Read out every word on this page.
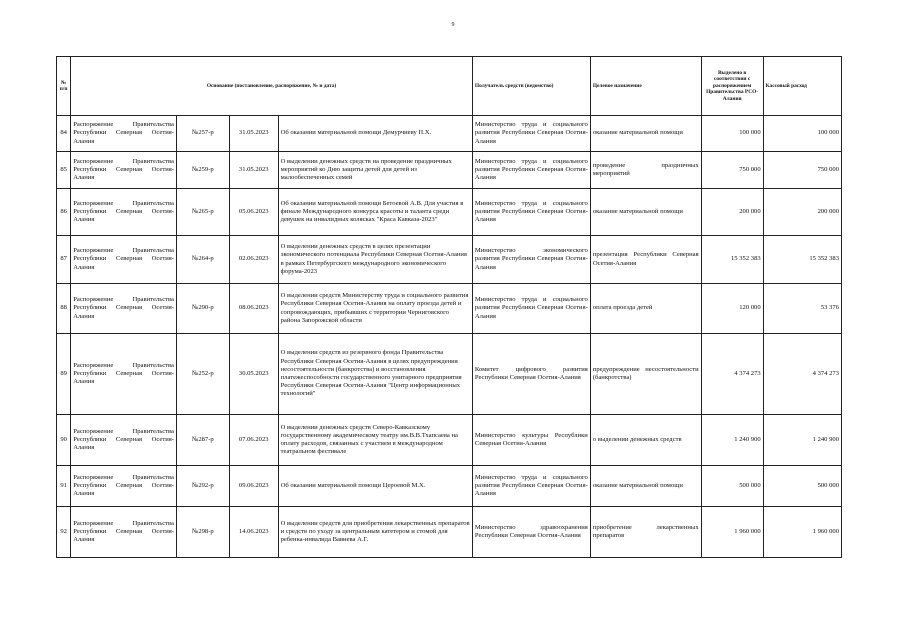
9
№ п/п	Основание (постановление, распоряжение, № и дата)				Получатель средств (ведомство)	Целевое назначение	Выделено в соответствии с распоряжением Правительства РСО-Алания	Кассовый расход
84	Распоряжение Правительства Республики Северная Осетия-Алания	№257-р	31.05.2023	Об оказании материальной помощи Демурчиеву П.Х.	Министерство труда и социального развития Республики Северная Осетия-Алания	оказание материальной помощи	100 000	100 000
85	Распоряжение Правительства Республики Северная Осетия-Алания	№259-р	31.05.2023	О выделении денежных средств на проведение праздничных мероприятий ко Дню защиты детей для детей из малообеспеченных семей	Министерство труда и социального развития Республики Северная Осетия-Алания	проведение праздничных мероприятий	750 000	750 000
86	Распоряжение Правительства Республики Северная Осетия-Алания	№265-р	05.06.2023	Об оказании материальной помощи Бетоевой А.В. Для участия в финале Международного конкурса красоты и таланта среди девушек на инвалидных колясках "Краса Кавказа-2023"	Министерство труда и социального развития Республики Северная Осетия-Алания	оказание материальной помощи	200 000	200 000
87	Распоряжение Правительства Республики Северная Осетия-Алания	№264-р	02.06.2023	О выделении денежных средств в целях презентации экономического потенциала Республики Северная Осетия-Алания в рамках Петербургского международного экономического форума-2023	Министерство экономического развития Республики Северная Осетия-Алания	презентация Республики Северная Осетия-Алания	15 352 383	15 352 383
88	Распоряжение Правительства Республики Северная Осетия-Алания	№290-р	08.06.2023	О выделении средств Министерству труда и социального развития Республики Северная Осетия-Алания на оплату проезда детей и сопровождающих, прибывших с территории Черниговского района Запорожской области	Министерство труда и социального развития Республики Северная Осетия-Алания	оплата проезда детей	120 000	53 376
89	Распоряжение Правительства Республики Северная Осетия-Алания	№252-р	30.05.2023	О выделении средств из резервного фонда Правительства Республики Северная Осетия-Алания в целях предупреждения несостоятельности (банкротства) и восстановления платежеспособности государственного унитарного предприятия Республики Северная Осетия-Алания "Центр информационных технологий"	Комитет цифрового развития Республики Северная Осетия-Алания	предупреждение несостоятельности (банкротства)	4 374 273	4 374 273
90	Распоряжение Правительства Республики Северная Осетия-Алания	№287-р	07.06.2023	О выделении денежных средств Северо-Кавказскому государственному академическому театру им.В.В.Тхапсаева на оплату расходов, связанных с участием в международном театральном фестивале	Министерство культуры Республики Северная Осетия-Алания	о выделении денежных средств	1 240 900	1 240 900
91	Распоряжение Правительства Республики Северная Осетия-Алания	№292-р	09.06.2023	Об оказании материальной помощи Цероевой М.Х.	Министерство труда и социального развития Республики Северная Осетия-Алания	оказание материальной помощи	500 000	500 000
92	Распоряжение Правительства Республики Северная Осетия-Алания	№298-р	14.06.2023	О выделении средств для приобретения лекарственных препаратов и средств по уходу за центральным катетером и стомой для ребенка-инвалида Вавиева А.Г.	Министерство здравоохранения Республики Северная Осетия-Алания	приобретение лекарственных препаратов	1 960 000	1 960 000
